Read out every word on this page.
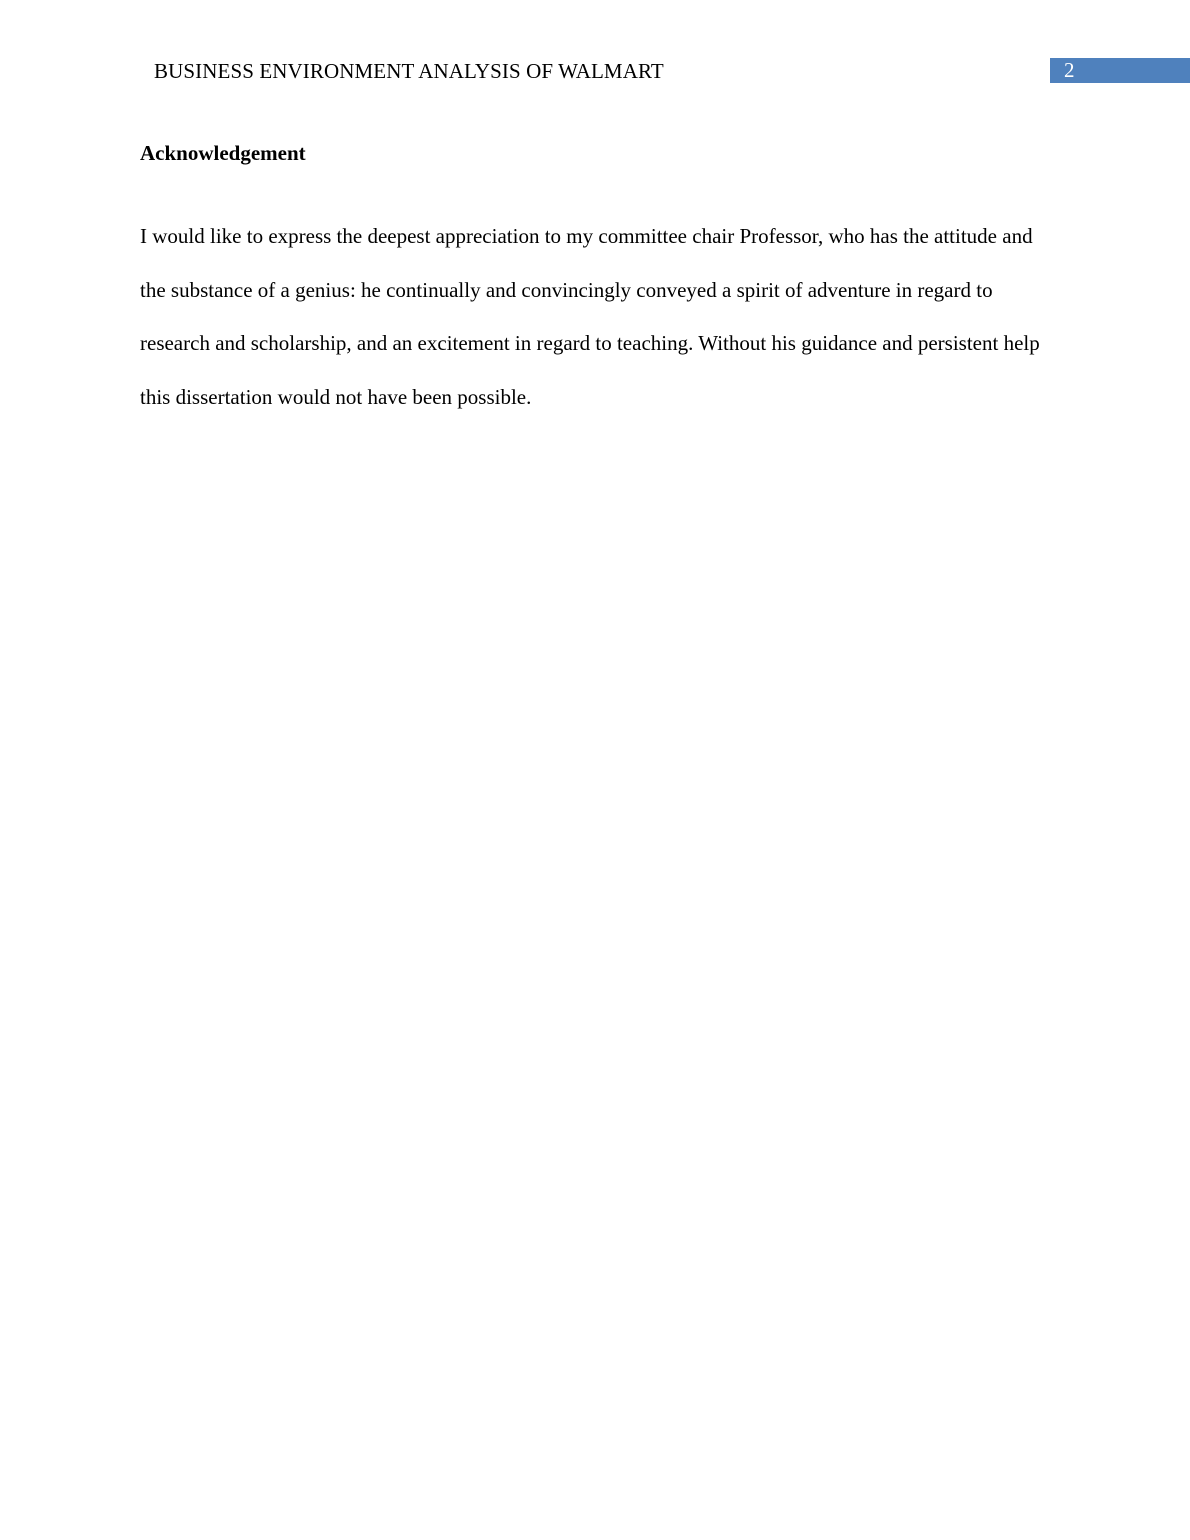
BUSINESS ENVIRONMENT ANALYSIS OF WALMART	2
Acknowledgement

I would like to express the deepest appreciation to my committee chair Professor, who has the attitude and the substance of a genius: he continually and convincingly conveyed a spirit of adventure in regard to research and scholarship, and an excitement in regard to teaching. Without his guidance and persistent help this dissertation would not have been possible.
